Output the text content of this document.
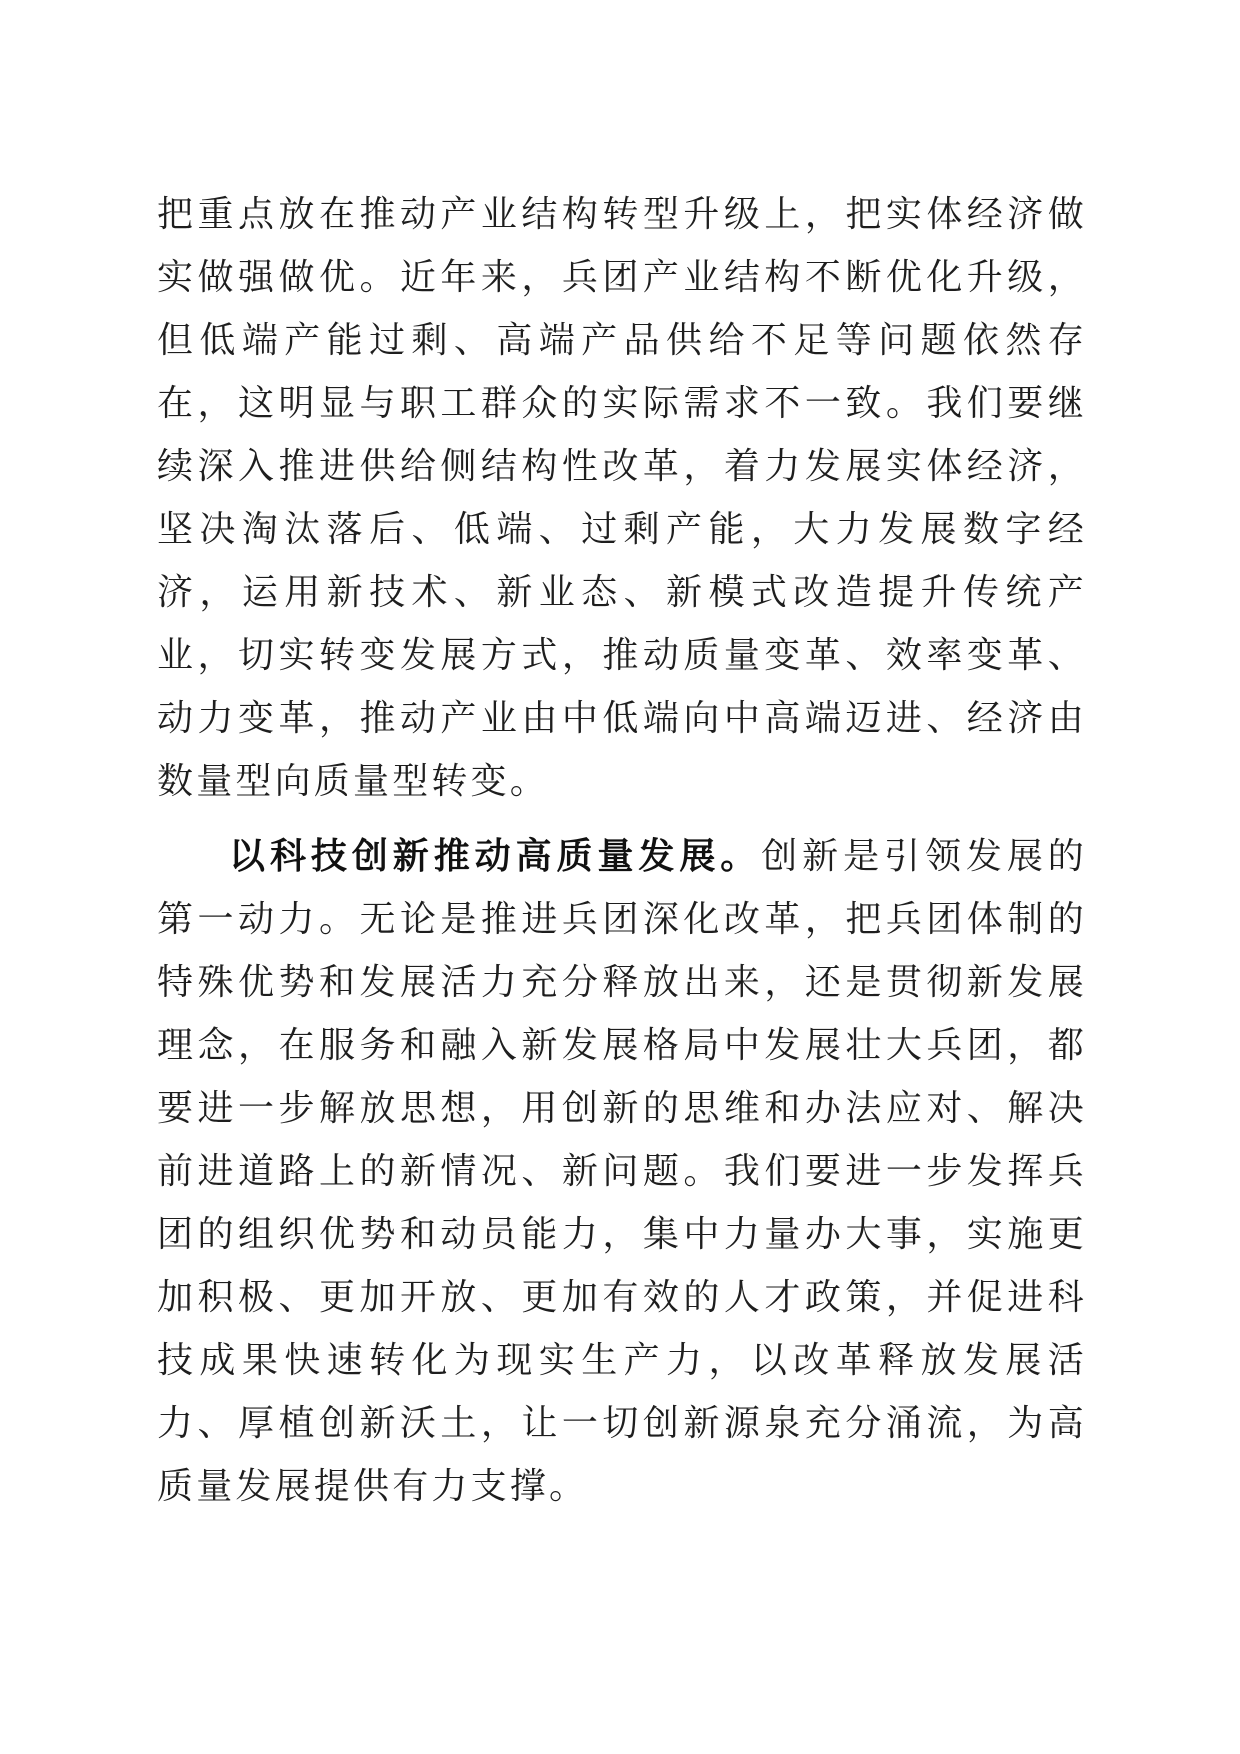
把重点放在推动产业结构转型升级上，把实体经济做实做强做优。近年来，兵团产业结构不断优化升级，但低端产能过剩、高端产品供给不足等问题依然存在，这明显与职工群众的实际需求不一致。我们要继续深入推进供给侧结构性改革，着力发展实体经济，坚决淘汰落后、低端、过剩产能，大力发展数字经济，运用新技术、新业态、新模式改造提升传统产业，切实转变发展方式，推动质量变革、效率变革、动力变革，推动产业由中低端向中高端迈进、经济由数量型向质量型转变。

以科技创新推动高质量发展。创新是引领发展的第一动力。无论是推进兵团深化改革，把兵团体制的特殊优势和发展活力充分释放出来，还是贯彻新发展理念，在服务和融入新发展格局中发展壮大兵团，都要进一步解放思想，用创新的思维和办法应对、解决前进道路上的新情况、新问题。我们要进一步发挥兵团的组织优势和动员能力，集中力量办大事，实施更加积极、更加开放、更加有效的人才政策，并促进科技成果快速转化为现实生产力，以改革释放发展活力、厚植创新沃土，让一切创新源泉充分涌流，为高质量发展提供有力支撑。
